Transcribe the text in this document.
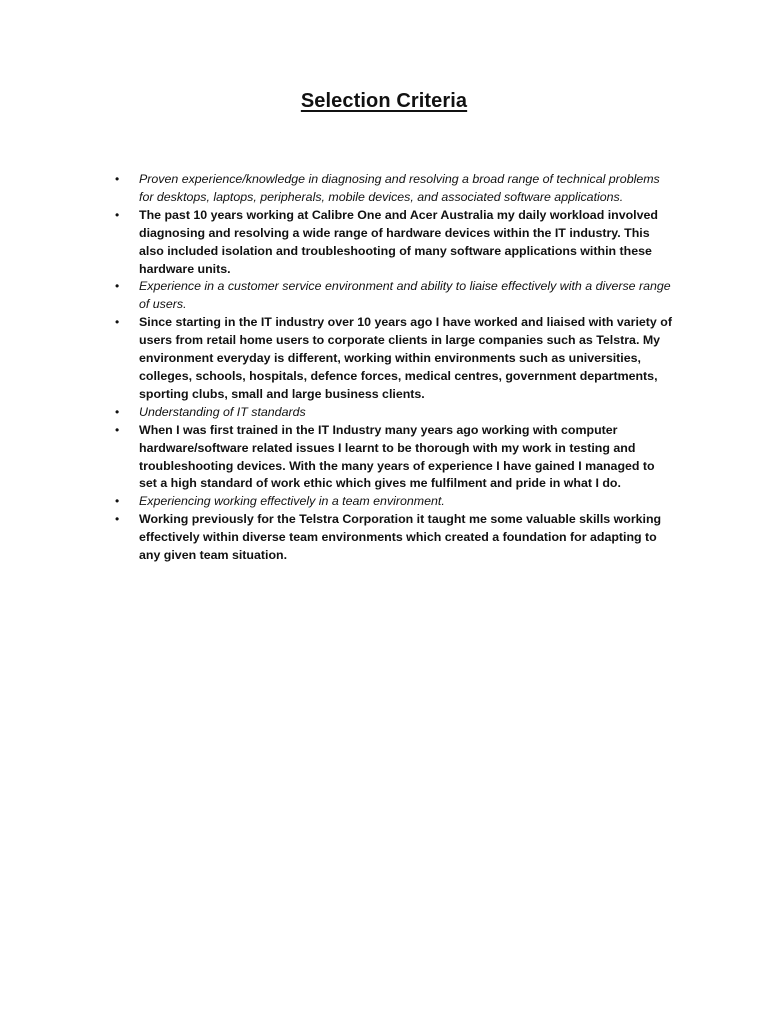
Selection Criteria
•	Proven experience/knowledge in diagnosing and resolving a broad range of technical problems for desktops, laptops, peripherals, mobile devices, and associated software applications.
•	The past 10 years working at Calibre One and Acer Australia my daily workload involved diagnosing and resolving a wide range of hardware devices within the IT industry. This also included isolation and troubleshooting of many software applications within these hardware units.
•	Experience in a customer service environment and ability to liaise effectively with a diverse range of users.
•	Since starting in the IT industry over 10 years ago I have worked and liaised with variety of users from retail home users to corporate clients in large companies such as Telstra. My environment everyday is different, working within environments such as universities, colleges, schools, hospitals, defence forces, medical centres, government departments, sporting clubs, small and large business clients.
•	Understanding of IT standards
•	When I was first trained in the IT Industry many years ago working with computer hardware/software related issues I learnt to be thorough with my work in testing and troubleshooting devices. With the many years of experience I have gained I managed to set a high standard of work ethic which gives me fulfilment and pride in what I do.
•	Experiencing working effectively in a team environment.
•	Working previously for the Telstra Corporation it taught me some valuable skills working effectively within diverse team environments which created a foundation for adapting to any given team situation.
